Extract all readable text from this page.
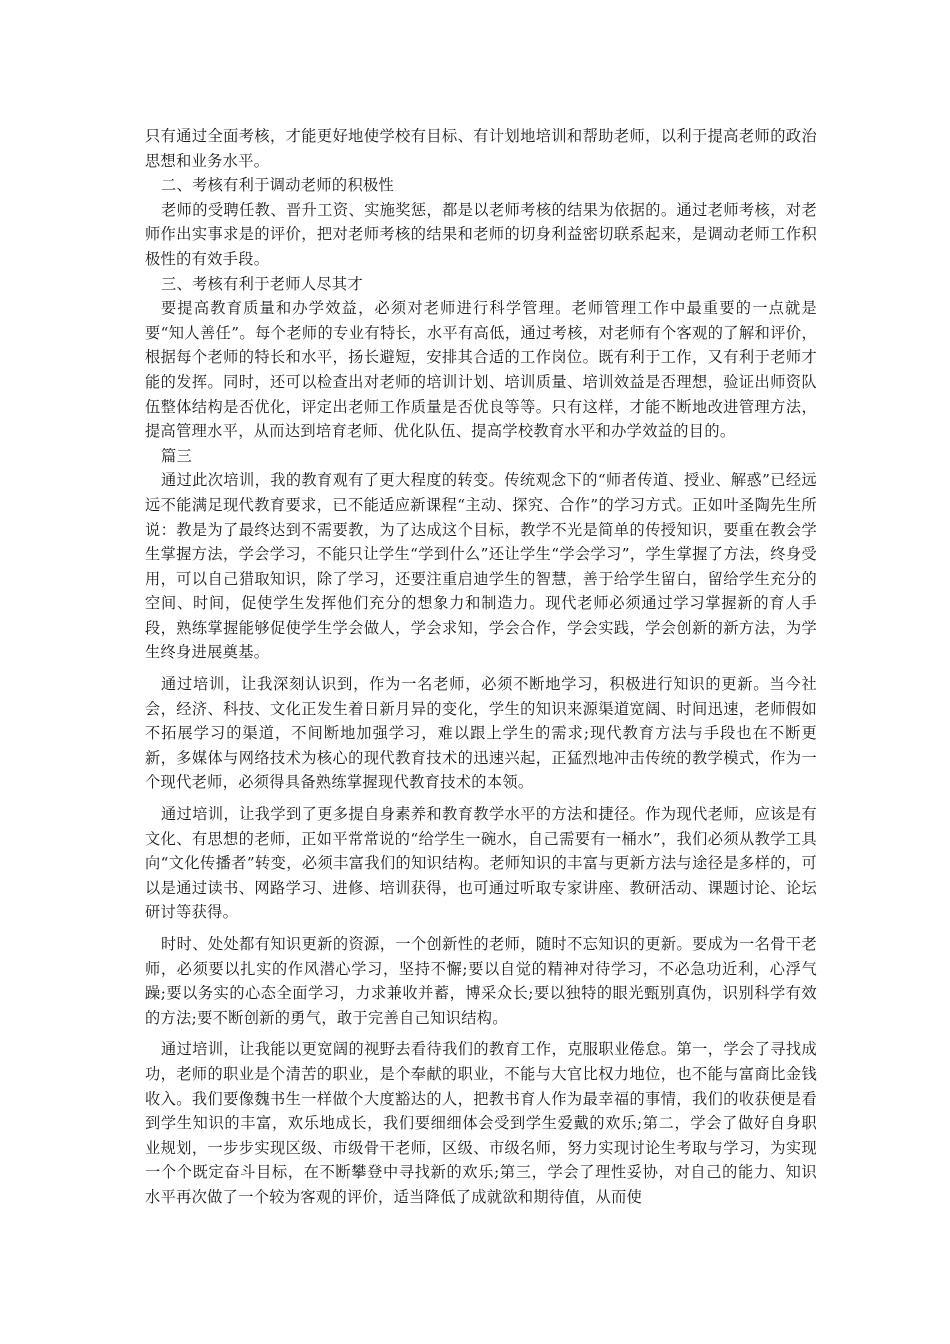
只有通过全面考核，才能更好地使学校有目标、有计划地培训和帮助老师，以利于提高老师的政治思想和业务水平。

二、考核有利于调动老师的积极性

老师的受聘任教、晋升工资、实施奖惩，都是以老师考核的结果为依据的。通过老师考核，对老师作出实事求是的评价，把对老师考核的结果和老师的切身利益密切联系起来，是调动老师工作积极性的有效手段。

三、考核有利于老师人尽其才

要提高教育质量和办学效益，必须对老师进行科学管理。老师管理工作中最重要的一点就是要“知人善任”。每个老师的专业有特长，水平有高低，通过考核，对老师有个客观的了解和评价，根据每个老师的特长和水平，扬长避短，安排其合适的工作岗位。既有利于工作，又有利于老师才能的发挥。同时，还可以检查出对老师的培训计划、培训质量、培训效益是否理想，验证出师资队伍整体结构是否优化，评定出老师工作质量是否优良等等。只有这样，才能不断地改进管理方法，提高管理水平，从而达到培育老师、优化队伍、提高学校教育水平和办学效益的目的。

篇三

通过此次培训，我的教育观有了更大程度的转变。传统观念下的“师者传道、授业、解惑”已经远远不能满足现代教育要求，已不能适应新课程“主动、探究、合作”的学习方式。正如叶圣陶先生所说：教是为了最终达到不需要教，为了达成这个目标，教学不光是简单的传授知识，要重在教会学生掌握方法，学会学习，不能只让学生“学到什么”还让学生“学会学习”，学生掌握了方法，终身受用，可以自己猎取知识，除了学习，还要注重启迪学生的智慧，善于给学生留白，留给学生充分的空间、时间，促使学生发挥他们充分的想象力和制造力。现代老师必须通过学习掌握新的育人手段，熟练掌握能够促使学生学会做人，学会求知，学会合作，学会实践，学会创新的新方法，为学生终身进展奠基。

通过培训，让我深刻认识到，作为一名老师，必须不断地学习，积极进行知识的更新。当今社会，经济、科技、文化正发生着日新月异的变化，学生的知识来源渠道宽阔、时间迅速，老师假如不拓展学习的渠道，不间断地加强学习，难以跟上学生的需求;现代教育方法与手段也在不断更新，多媒体与网络技术为核心的现代教育技术的迅速兴起，正猛烈地冲击传统的教学模式，作为一个现代老师，必须得具备熟练掌握现代教育技术的本领。

通过培训，让我学到了更多提自身素养和教育教学水平的方法和捷径。作为现代老师，应该是有文化、有思想的老师，正如平常常说的“给学生一碗水，自己需要有一桶水”，我们必须从教学工具向“文化传播者”转变，必须丰富我们的知识结构。老师知识的丰富与更新方法与途径是多样的，可以是通过读书、网路学习、进修、培训获得，也可通过听取专家讲座、教研活动、课题讨论、论坛研讨等获得。

时时、处处都有知识更新的资源，一个创新性的老师，随时不忘知识的更新。要成为一名骨干老师，必须要以扎实的作风潜心学习，坚持不懈;要以自觉的精神对待学习，不必急功近利，心浮气躁;要以务实的心态全面学习，力求兼收并蓄，博采众长;要以独特的眼光甄别真伪，识别科学有效的方法;要不断创新的勇气，敢于完善自己知识结构。

通过培训，让我能以更宽阔的视野去看待我们的教育工作，克服职业倦怠。第一，学会了寻找成功，老师的职业是个清苦的职业，是个奉献的职业，不能与大官比权力地位，也不能与富商比金钱收入。我们要像魏书生一样做个大度豁达的人，把教书育人作为最幸福的事情，我们的收获便是看到学生知识的丰富，欢乐地成长，我们要细细体会受到学生爱戴的欢乐;第二，学会了做好自身职业规划，一步步实现区级、市级骨干老师，区级、市级名师，努力实现讨论生考取与学习，为实现一个个既定奋斗目标，在不断攀登中寻找新的欢乐;第三，学会了理性妥协，对自己的能力、知识水平再次做了一个较为客观的评价，适当降低了成就欲和期待值，从而使
